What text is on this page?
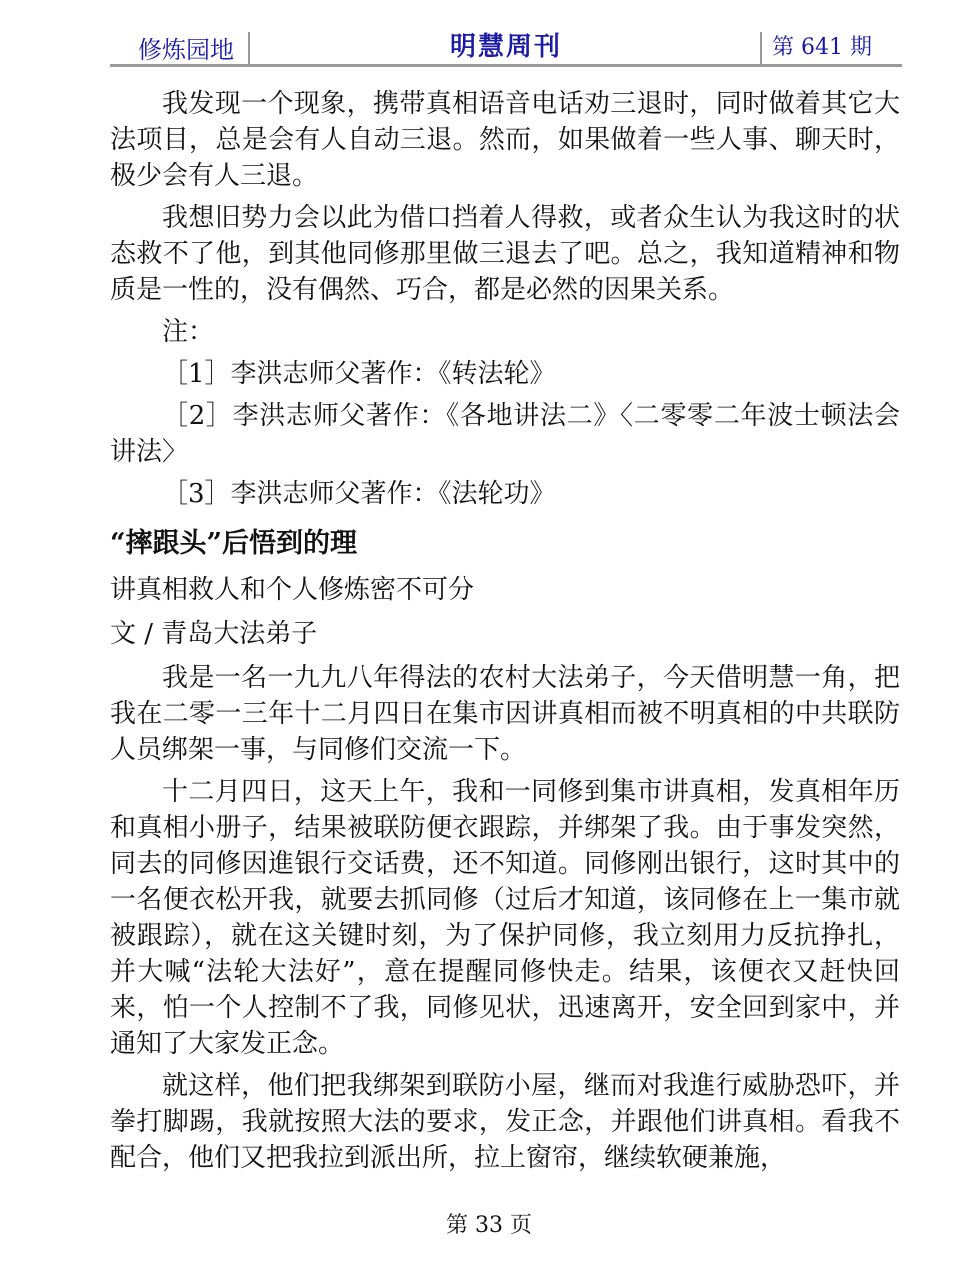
修炼园地	明慧周刊	第 641 期

我发现一个现象，携带真相语音电话劝三退时，同时做着其它大法项目，总是会有人自动三退。然而，如果做着一些人事、聊天时，极少会有人三退。

我想旧势力会以此为借口挡着人得救，或者众生认为我这时的状态救不了他，到其他同修那里做三退去了吧。总之，我知道精神和物质是一性的，没有偶然、巧合，都是必然的因果关系。

注：

［1］李洪志师父著作：《转法轮》

［2］李洪志师父著作：《各地讲法二》〈二零零二年波士顿法会讲法〉

［3］李洪志师父著作：《法轮功》

“摔跟头”后悟到的理

讲真相救人和个人修炼密不可分

文 / 青岛大法弟子

我是一名一九九八年得法的农村大法弟子，今天借明慧一角，把我在二零一三年十二月四日在集市因讲真相而被不明真相的中共联防人员绑架一事，与同修们交流一下。

十二月四日，这天上午，我和一同修到集市讲真相，发真相年历和真相小册子，结果被联防便衣跟踪，并绑架了我。由于事发突然，同去的同修因進银行交话费，还不知道。同修刚出银行，这时其中的一名便衣松开我，就要去抓同修（过后才知道，该同修在上一集市就被跟踪），就在这关键时刻，为了保护同修，我立刻用力反抗挣扎，并大喊“法轮大法好”，意在提醒同修快走。结果，该便衣又赶快回来，怕一个人控制不了我，同修见状，迅速离开，安全回到家中，并通知了大家发正念。

就这样，他们把我绑架到联防小屋，继而对我進行威胁恐吓，并拳打脚踢，我就按照大法的要求，发正念，并跟他们讲真相。看我不配合，他们又把我拉到派出所，拉上窗帘，继续软硬兼施，

第 33 页
